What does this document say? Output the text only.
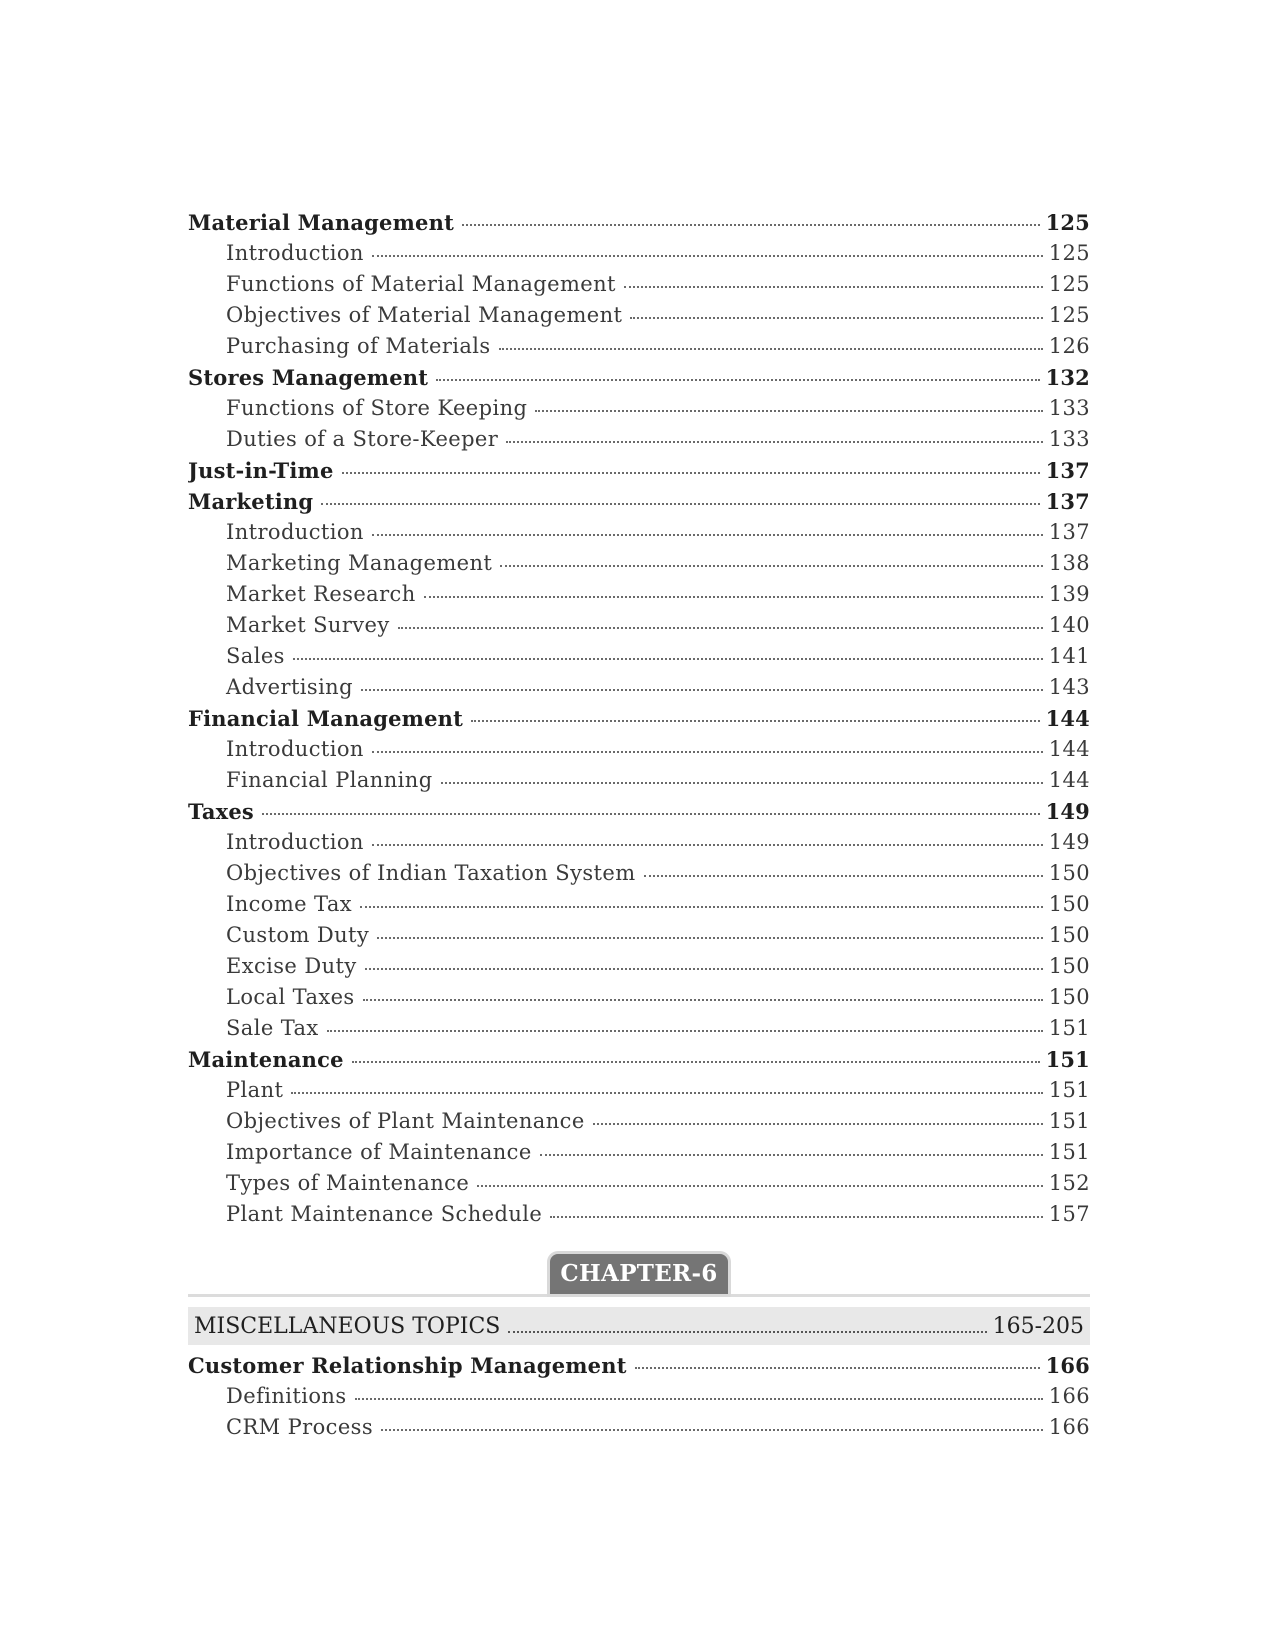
Material Management	125
Introduction	125
Functions of Material Management	125
Objectives of Material Management	125
Purchasing of Materials	126
Stores Management	132
Functions of Store Keeping	133
Duties of a Store-Keeper	133
Just-in-Time	137
Marketing	137
Introduction	137
Marketing Management	138
Market Research	139
Market Survey	140
Sales	141
Advertising	143
Financial Management	144
Introduction	144
Financial Planning	144
Taxes	149
Introduction	149
Objectives of Indian Taxation System	150
Income Tax	150
Custom Duty	150
Excise Duty	150
Local Taxes	150
Sale Tax	151
Maintenance	151
Plant	151
Objectives of Plant Maintenance	151
Importance of Maintenance	151
Types of Maintenance	152
Plant Maintenance Schedule	157
CHAPTER-6
MISCELLANEOUS TOPICS	165-205
Customer Relationship Management	166
Definitions	166
CRM Process	166
